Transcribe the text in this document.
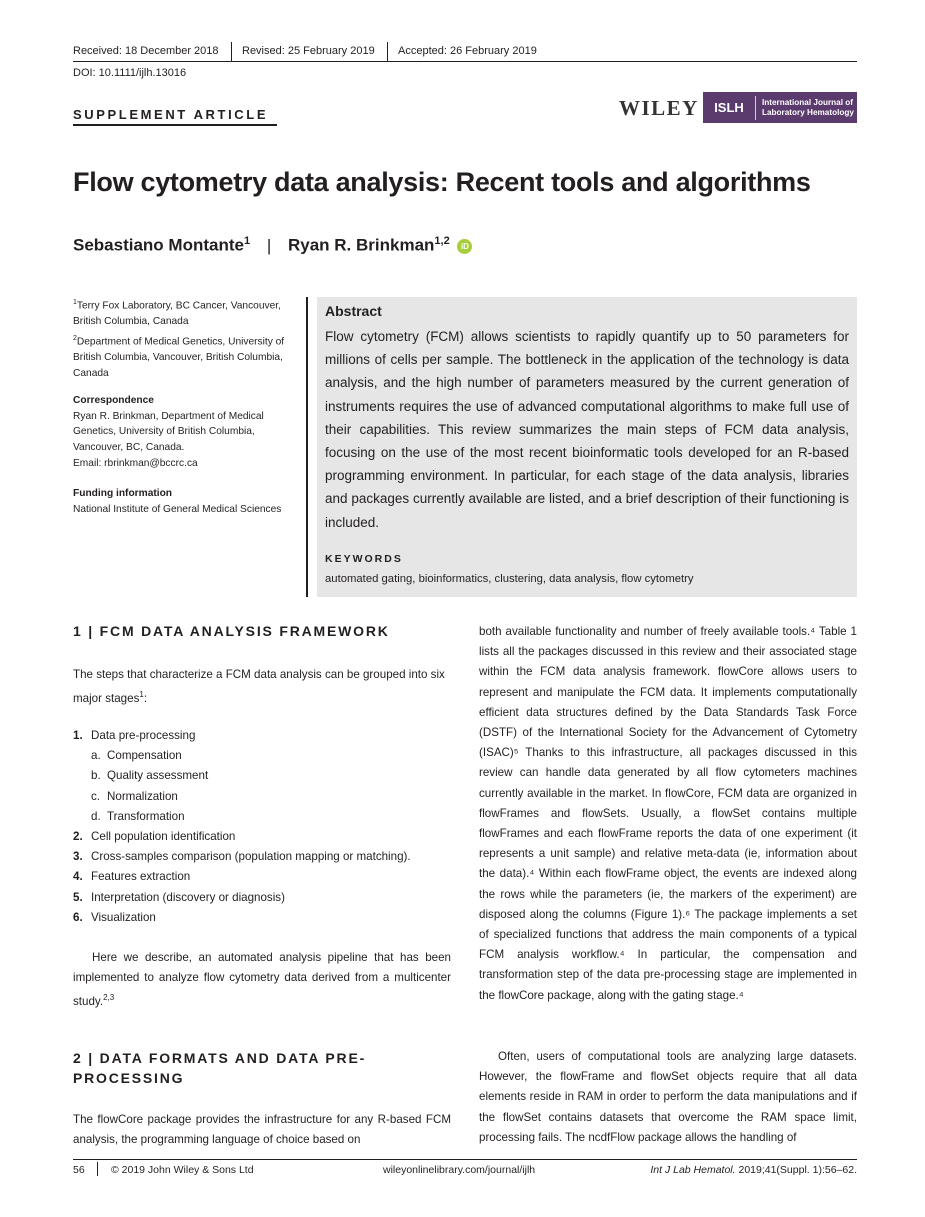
Received: 18 December 2018 Revised: 25 February 2019 Accepted: 26 February 2019
DOI: 10.1111/ijlh.13016
SUPPLEMENT ARTICLE	WILEY	ISLH	International Journal of
Laboratory Hematology
Flow cytometry data analysis: Recent tools and algorithms
Sebastiano Montante$^1$ | Ryan R. Brinkman$^{1,2}$ iD
$^1$Terry Fox Laboratory, BC Cancer, Vancouver, British Columbia, Canada
$^2$Department of Medical Genetics, University of British Columbia, Vancouver, British Columbia, Canada
Correspondence
Ryan R. Brinkman, Department of Medical Genetics, University of British Columbia, Vancouver, BC, Canada.
Email: rbrinkman@bccrc.ca
Funding information
National Institute of General Medical Sciences
Abstract
Flow cytometry (FCM) allows scientists to rapidly quantify up to 50 parameters for millions of cells per sample. The bottleneck in the application of the technology is data analysis, and the high number of parameters measured by the current generation of instruments requires the use of advanced computational algorithms to make full use of their capabilities. This review summarizes the main steps of FCM data analysis, focusing on the use of the most recent bioinformatic tools developed for an R-based programming environment. In particular, for each stage of the data analysis, libraries and packages currently available are listed, and a brief description of their functioning is included.
KEYWORDS
automated gating, bioinformatics, clustering, data analysis, flow cytometry
1 | FCM DATA ANALYSIS FRAMEWORK
The steps that characterize a FCM data analysis can be grouped into six major stages$^1$:
1. Data pre-processing
a. Compensation
b. Quality assessment
c. Normalization
d. Transformation
2. Cell population identification
3. Cross-samples comparison (population mapping or matching).
4. Features extraction
5. Interpretation (discovery or diagnosis)
6. Visualization
Here we describe, an automated analysis pipeline that has been implemented to analyze flow cytometry data derived from a multicenter study.$^{2,3}$
2 | DATA FORMATS AND DATA PRE-
PROCESSING
The flowCore package provides the infrastructure for any R-based FCM analysis, the programming language of choice based on
both available functionality and number of freely available tools.⁴ Table 1 lists all the packages discussed in this review and their associated stage within the FCM data analysis framework. flowCore allows users to represent and manipulate the FCM data. It implements computationally efficient data structures defined by the Data Standards Task Force (DSTF) of the International Society for the Advancement of Cytometry (ISAC)⁵ Thanks to this infrastructure, all packages discussed in this review can handle data generated by all flow cytometers machines currently available in the market. In flowCore, FCM data are organized in flowFrames and flowSets. Usually, a flowSet contains multiple flowFrames and each flowFrame reports the data of one experiment (it represents a unit sample) and relative meta-data (ie, information about the data).⁴ Within each flowFrame object, the events are indexed along the rows while the parameters (ie, the markers of the experiment) are disposed along the columns (Figure 1).⁶ The package implements a set of specialized functions that address the main components of a typical FCM analysis workflow.⁴ In particular, the compensation and transformation step of the data pre-processing stage are implemented in the flowCore package, along with the gating stage.⁴
Often, users of computational tools are analyzing large datasets. However, the flowFrame and flowSet objects require that all data elements reside in RAM in order to perform the data manipulations and if the flowSet contains datasets that overcome the RAM space limit, processing fails. The ncdfFlow package allows the handling of
56	© 2019 John Wiley & Sons Ltd	wileyonlinelibrary.com/journal/ijlh	Int J Lab Hematol. 2019;41(Suppl. 1):56–62.
